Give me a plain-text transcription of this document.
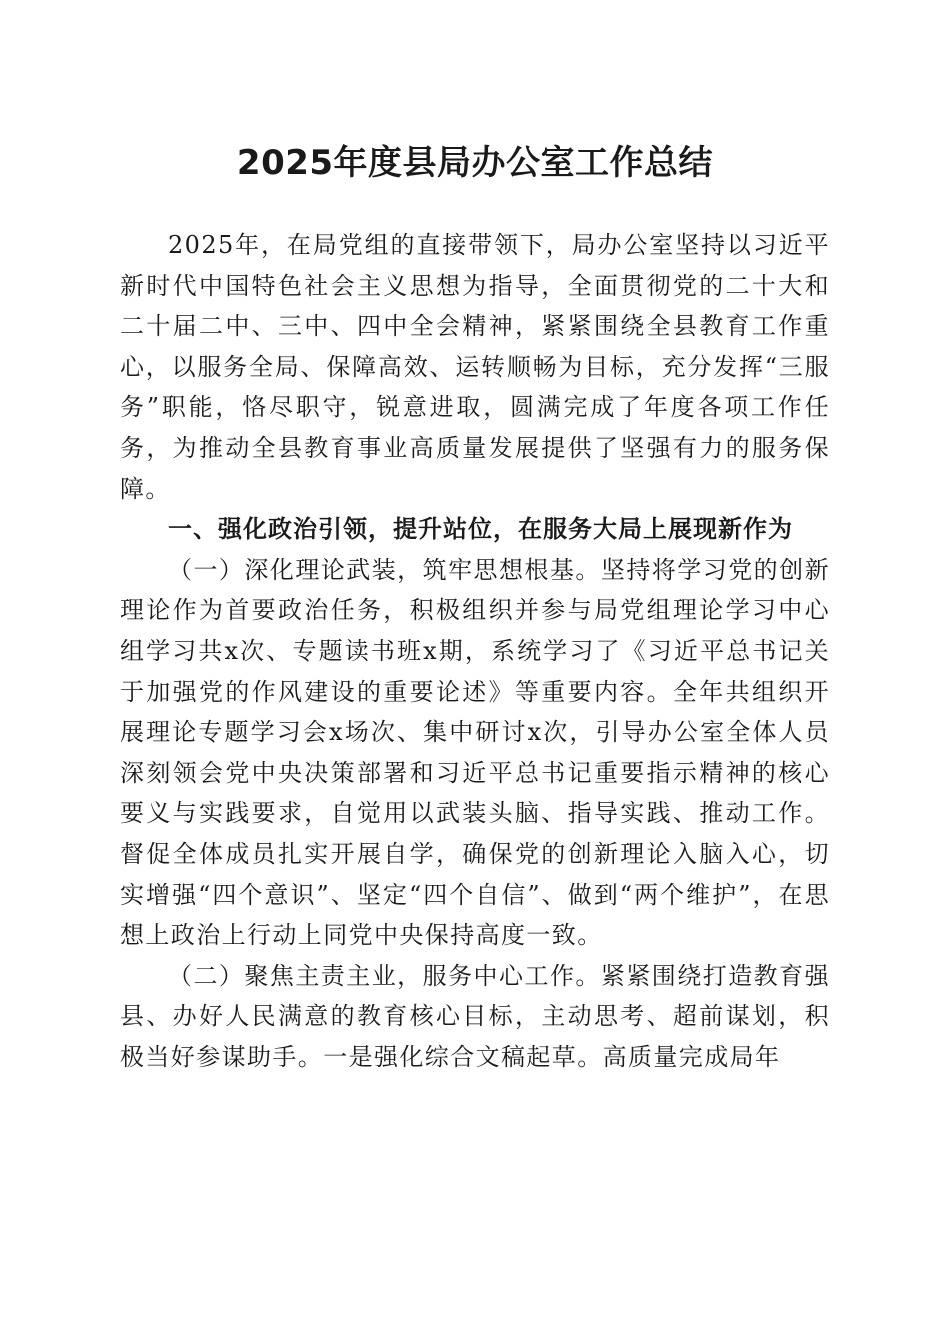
2025年度县局办公室工作总结

2025年，在局党组的直接带领下，局办公室坚持以习近平新时代中国特色社会主义思想为指导，全面贯彻党的二十大和二十届二中、三中、四中全会精神，紧紧围绕全县教育工作重心，以服务全局、保障高效、运转顺畅为目标，充分发挥“三服务”职能，恪尽职守，锐意进取，圆满完成了年度各项工作任务，为推动全县教育事业高质量发展提供了坚强有力的服务保障。

一、强化政治引领，提升站位，在服务大局上展现新作为

（一）深化理论武装，筑牢思想根基。坚持将学习党的创新理论作为首要政治任务，积极组织并参与局党组理论学习中心组学习共x次、专题读书班x期，系统学习了《习近平总书记关于加强党的作风建设的重要论述》等重要内容。全年共组织开展理论专题学习会x场次、集中研讨x次，引导办公室全体人员深刻领会党中央决策部署和习近平总书记重要指示精神的核心要义与实践要求，自觉用以武装头脑、指导实践、推动工作。督促全体成员扎实开展自学，确保党的创新理论入脑入心，切实增强“四个意识”、坚定“四个自信”、做到“两个维护”，在思想上政治上行动上同党中央保持高度一致。

（二）聚焦主责主业，服务中心工作。紧紧围绕打造教育强县、办好人民满意的教育核心目标，主动思考、超前谋划，积极当好参谋助手。一是强化综合文稿起草。高质量完成局年
